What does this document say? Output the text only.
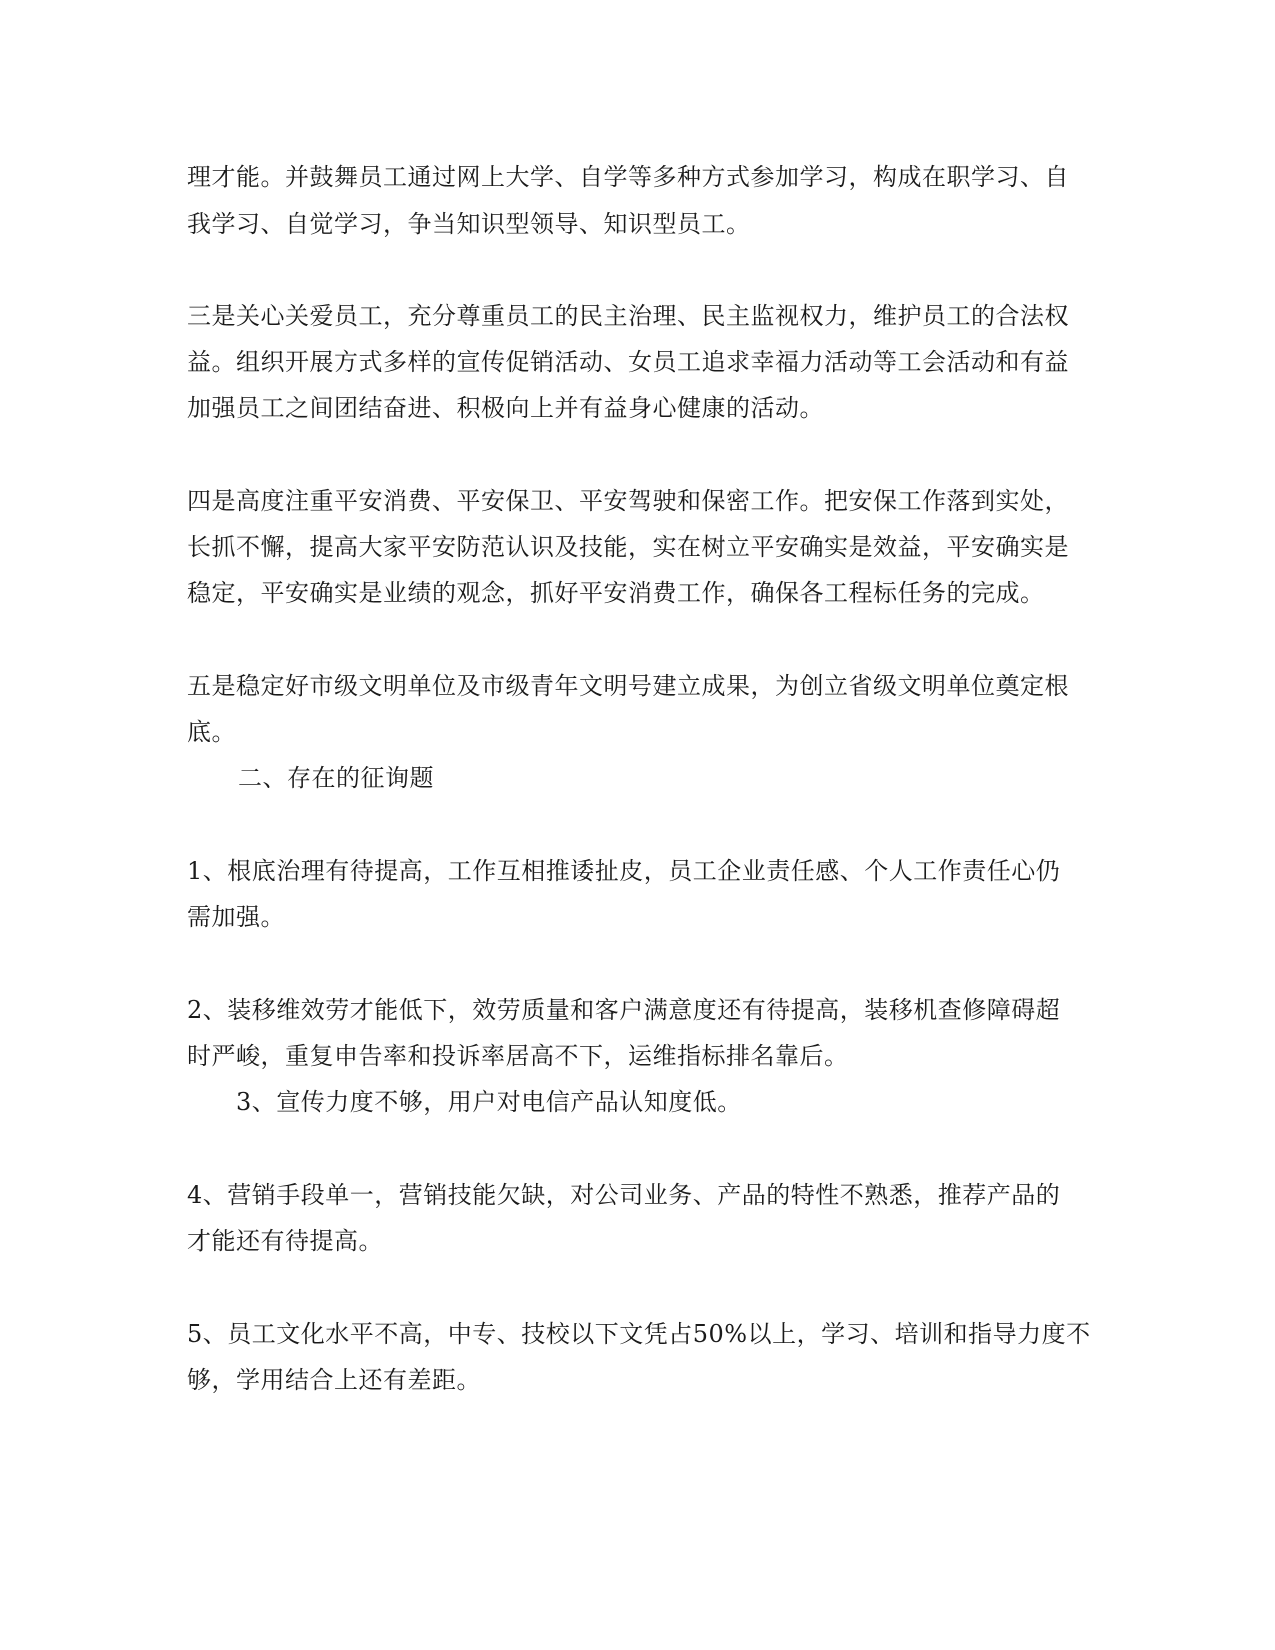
理才能。并鼓舞员工通过网上大学、自学等多种方式参加学习，构成在职学习、自
我学习、自觉学习，争当知识型领导、知识型员工。
三是关心关爱员工，充分尊重员工的民主治理、民主监视权力，维护员工的合法权
益。组织开展方式多样的宣传促销活动、女员工追求幸福力活动等工会活动和有益
加强员工之间团结奋进、积极向上并有益身心健康的活动。
四是高度注重平安消费、平安保卫、平安驾驶和保密工作。把安保工作落到实处，
长抓不懈，提高大家平安防范认识及技能，实在树立平安确实是效益，平安确实是
稳定，平安确实是业绩的观念，抓好平安消费工作，确保各工程标任务的完成。
五是稳定好市级文明单位及市级青年文明号建立成果，为创立省级文明单位奠定根
底。
二、存在的征询题
1、根底治理有待提高，工作互相推诿扯皮，员工企业责任感、个人工作责任心仍
需加强。
2、装移维效劳才能低下，效劳质量和客户满意度还有待提高，装移机查修障碍超
时严峻，重复申告率和投诉率居高不下，运维指标排名靠后。
3、宣传力度不够，用户对电信产品认知度低。
4、营销手段单一，营销技能欠缺，对公司业务、产品的特性不熟悉，推荐产品的
才能还有待提高。
5、员工文化水平不高，中专、技校以下文凭占50%以上，学习、培训和指导力度不
够，学用结合上还有差距。
